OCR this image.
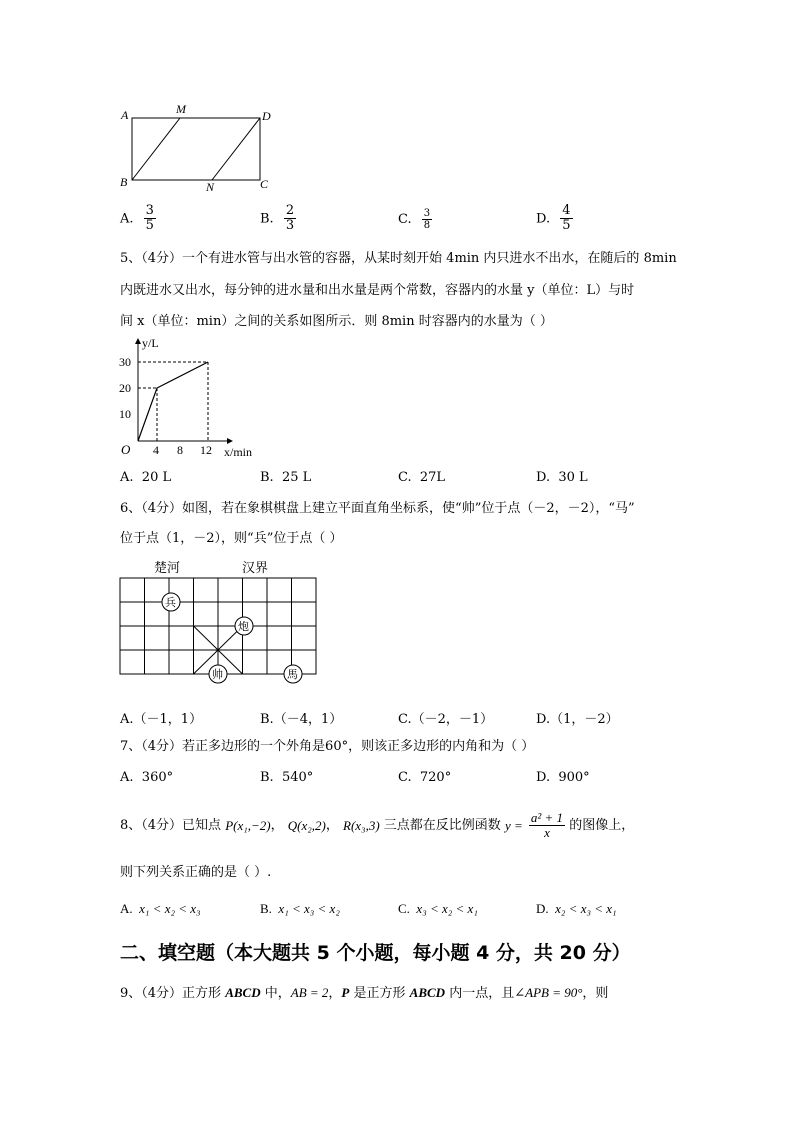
A	M	D
B	N	C
A. $\frac{3}{5}$	B. $\frac{2}{3}$	C. $\frac{3}{8}$	D. $\frac{4}{5}$
5、（4分）一个有进水管与出水管的容器，从某时刻开始 4min 内只进水不出水，在随后的 8min
内既进水又出水，每分钟的进水量和出水量是两个常数，容器内的水量 y（单位：L）与时
间 x（单位：min）之间的关系如图所示．则 8min 时容器内的水量为（ ）
y/L
x/min
O
10
20
30
4 8 12
A. 20 L	B. 25 L	C. 27L	D. 30 L
6、（4分）如图，若在象棋棋盘上建立平面直角坐标系，使“帅”位于点（－2，－2），“马”
位于点（1，－2），则“兵”位于点（ ）
楚河	汉界
兵
炮
帅	馬
A.（－1，1）	B.（－4，1）	C.（－2，－1）	D.（1，－2）
7、（4分）若正多边形的一个外角是60°，则该正多边形的内角和为（ ）
A. 360°	B. 540°	C. 720°	D. 900°
8、（4分）已知点 P(x₁,−2)， Q(x₂,2)， R(x₃,3) 三点都在反比例函数 $y = \frac{\text{a² + 1}}{x}$ 的图像上，
则下列关系正确的是（ ）.
A. x₁ < x₂ < x₃	B. x₁ < x₃ < x₂	C. x₃ < x₂ < x₁	D. x₂ < x₃ < x₁
二、填空题（本大题共 5 个小题，每小题 4 分，共 20 分）
9、（4分）正方形 ABCD 中，AB = 2，P 是正方形 ABCD 内一点，且∠APB = 90°，则
